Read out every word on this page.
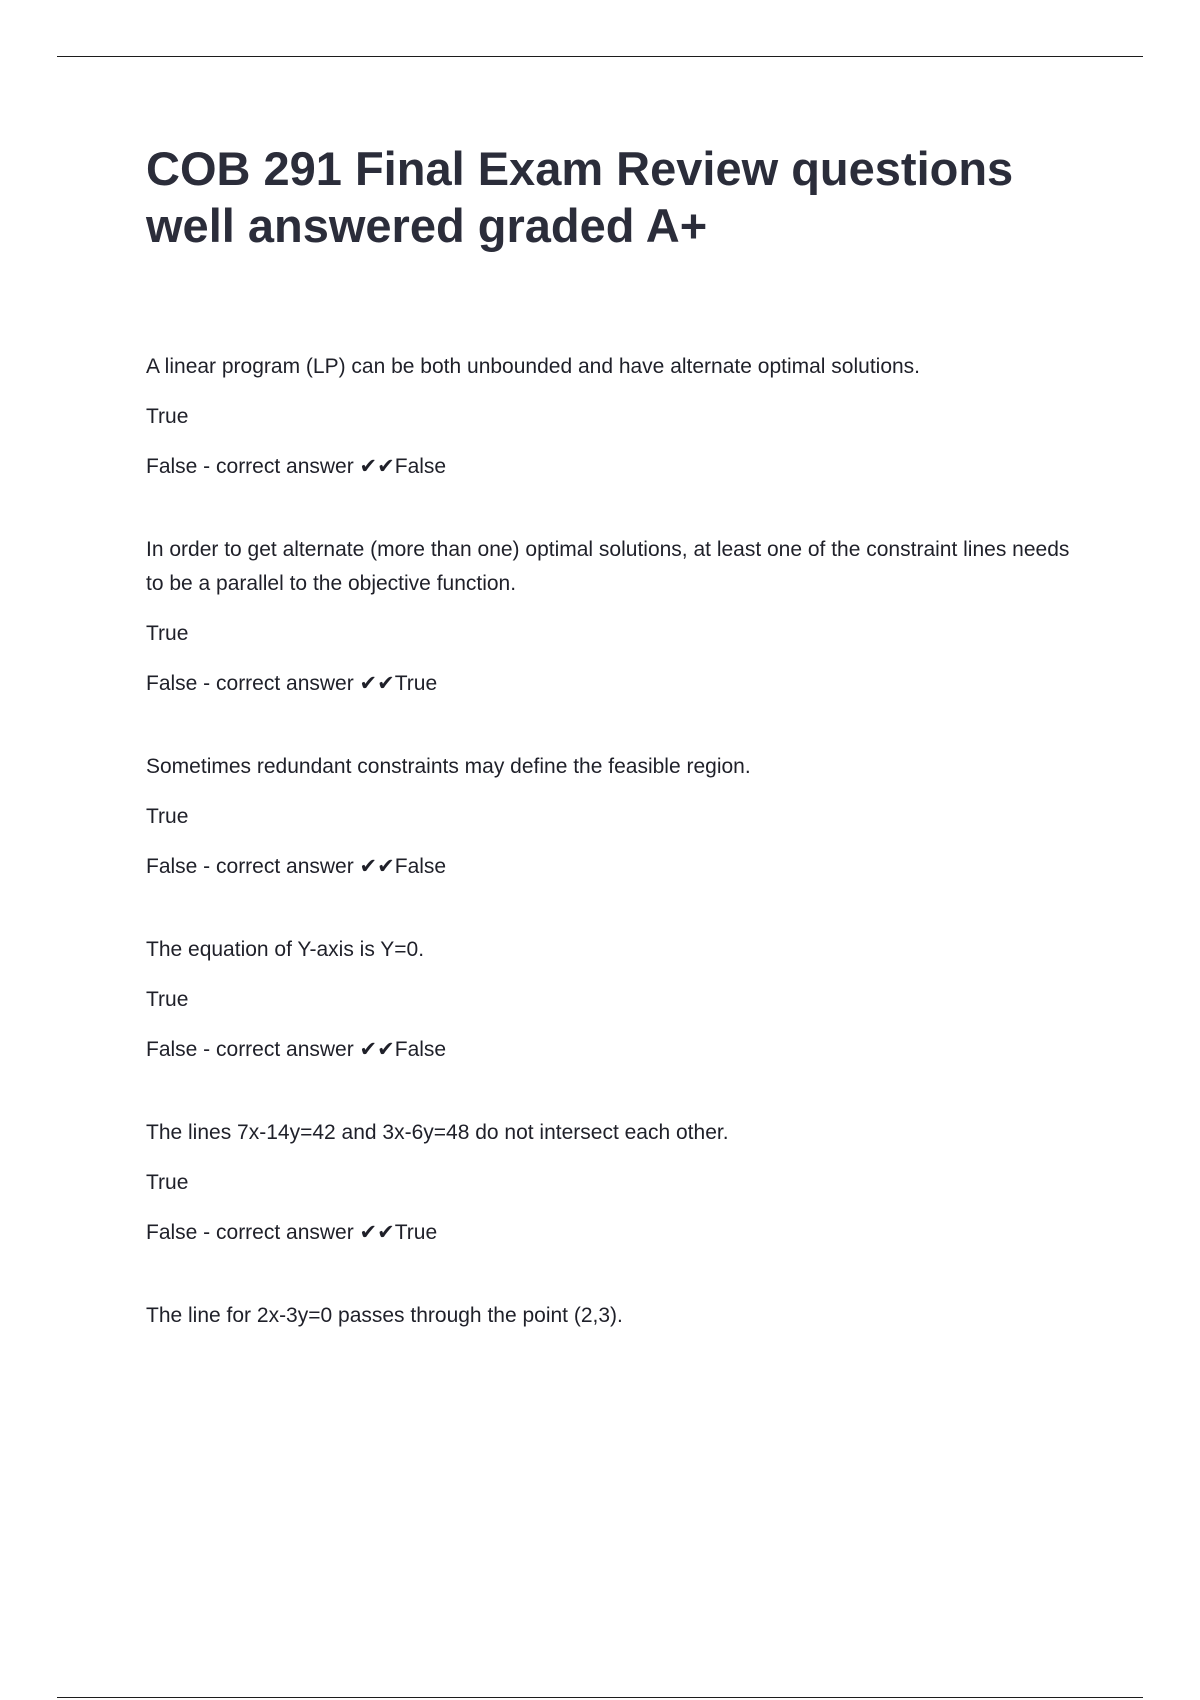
COB 291 Final Exam Review questions well answered graded A+

A linear program (LP) can be both unbounded and have alternate optimal solutions.

True

False - correct answer ✔✔False

In order to get alternate (more than one) optimal solutions, at least one of the constraint lines needs to be a parallel to the objective function.

True

False - correct answer ✔✔True

Sometimes redundant constraints may define the feasible region.

True

False - correct answer ✔✔False

The equation of Y-axis is Y=0.

True

False - correct answer ✔✔False

The lines 7x-14y=42 and 3x-6y=48 do not intersect each other.

True

False - correct answer ✔✔True

The line for 2x-3y=0 passes through the point (2,3).
